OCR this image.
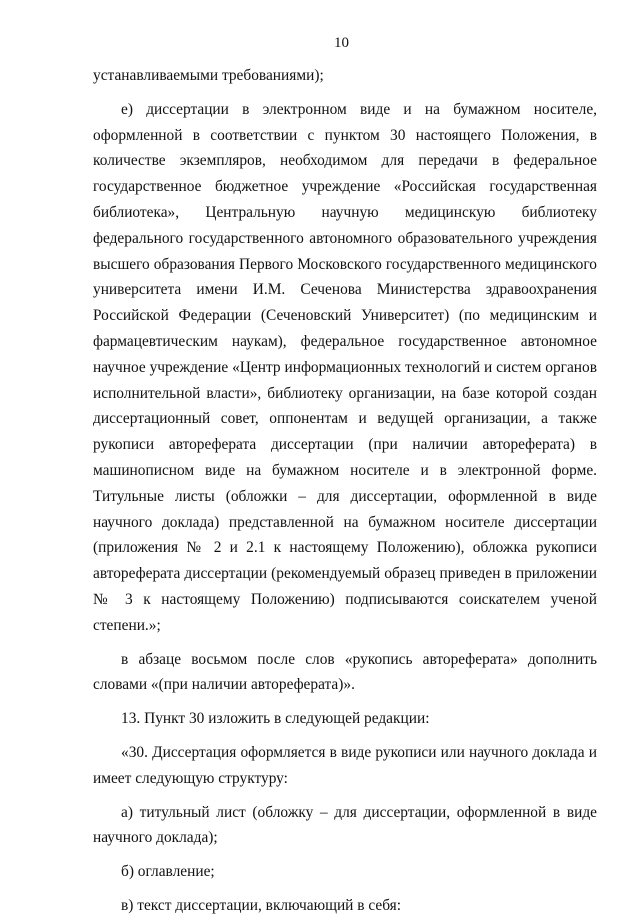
10

устанавливаемыми требованиями);

е) диссертации в электронном виде и на бумажном носителе, оформленной в соответствии с пунктом 30 настоящего Положения, в количестве экземпляров, необходимом для передачи в федеральное государственное бюджетное учреждение «Российская государственная библиотека», Центральную научную медицинскую библиотеку федерального государственного автономного образовательного учреждения высшего образования Первого Московского государственного медицинского университета имени И.М. Сеченова Министерства здравоохранения Российской Федерации (Сеченовский Университет) (по медицинским и фармацевтическим наукам), федеральное государственное автономное научное учреждение «Центр информационных технологий и систем органов исполнительной власти», библиотеку организации, на базе которой создан диссертационный совет, оппонентам и ведущей организации, а также рукописи автореферата диссертации (при наличии автореферата) в машинописном виде на бумажном носителе и в электронной форме. Титульные листы (обложки – для диссертации, оформленной в виде научного доклада) представленной на бумажном носителе диссертации (приложения № 2 и 2.1 к настоящему Положению), обложка рукописи автореферата диссертации (рекомендуемый образец приведен в приложении № 3 к настоящему Положению) подписываются соискателем ученой степени.»;

в абзаце восьмом после слов «рукопись автореферата» дополнить словами «(при наличии автореферата)».

13. Пункт 30 изложить в следующей редакции:

«30. Диссертация оформляется в виде рукописи или научного доклада и имеет следующую структуру:

а) титульный лист (обложку – для диссертации, оформленной в виде научного доклада);

б) оглавление;

в) текст диссертации, включающий в себя:
